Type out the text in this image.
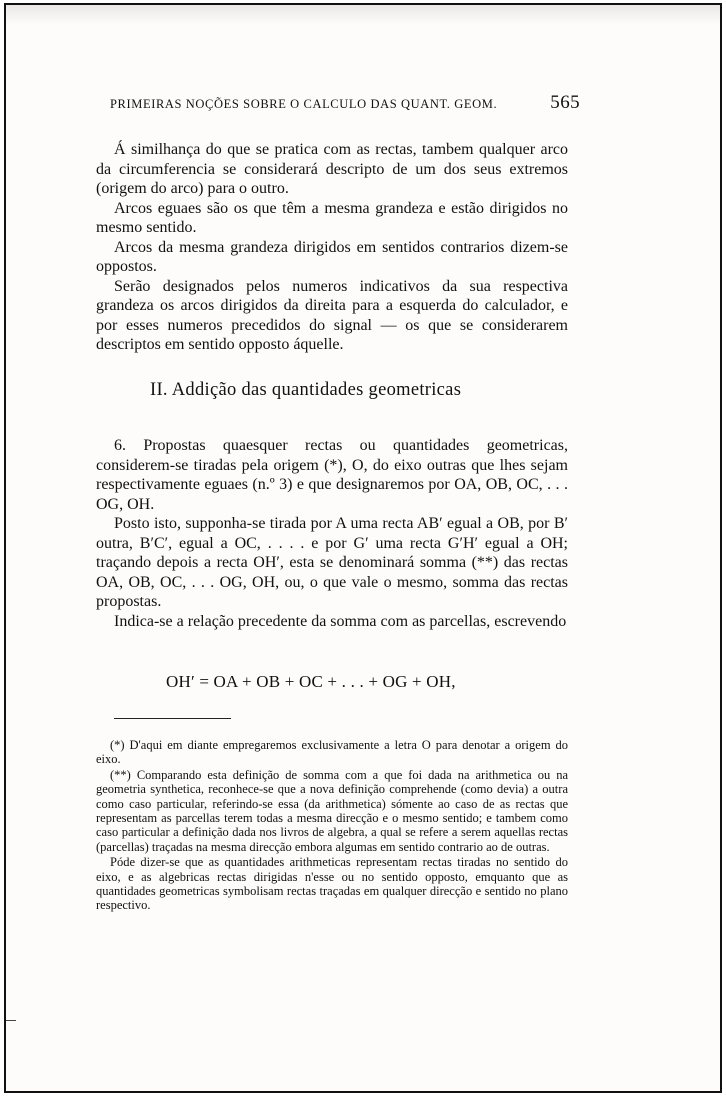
PRIMEIRAS NOÇÕES SOBRE O CALCULO DAS QUANT. GEOM.	565

Á similhança do que se pratica com as rectas, tambem qualquer arco da circumferencia se considerará descripto de um dos seus extremos (origem do arco) para o outro.

Arcos eguaes são os que têm a mesma grandeza e estão dirigidos no mesmo sentido.

Arcos da mesma grandeza dirigidos em sentidos contrarios dizem-se oppostos.

Serão designados pelos numeros indicativos da sua respectiva grandeza os arcos dirigidos da direita para a esquerda do calculador, e por esses numeros precedidos do signal — os que se considerarem descriptos em sentido opposto áquelle.

II. Addição das quantidades geometricas

6. Propostas quaesquer rectas ou quantidades geometricas, considerem-se tiradas pela origem (*), O, do eixo outras que lhes sejam respectivamente eguaes (n.º 3) e que designaremos por OA, OB, OC, . . . OG, OH.

Posto isto, supponha-se tirada por A uma recta AB′ egual a OB, por B′ outra, B′C′, egual a OC, . . . . e por G′ uma recta G′H′ egual a OH; traçando depois a recta OH′, esta se denominará somma (**) das rectas OA, OB, OC, . . . OG, OH, ou, o que vale o mesmo, somma das rectas propostas.

Indica-se a relação precedente da somma com as parcellas, escrevendo

OH′ = OA + OB + OC + . . . + OG + OH,

(*) D'aqui em diante empregaremos exclusivamente a letra O para denotar a origem do eixo.

(**) Comparando esta definição de somma com a que foi dada na arithmetica ou na geometria synthetica, reconhece-se que a nova definição comprehende (como devia) a outra como caso particular, referindo-se essa (da arithmetica) sómente ao caso de as rectas que representam as parcellas terem todas a mesma direcção e o mesmo sentido; e tambem como caso particular a definição dada nos livros de algebra, a qual se refere a serem aquellas rectas (parcellas) traçadas na mesma direcção embora algumas em sentido contrario ao de outras.

Póde dizer-se que as quantidades arithmeticas representam rectas tiradas no sentido do eixo, e as algebricas rectas dirigidas n'esse ou no sentido opposto, emquanto que as quantidades geometricas symbolisam rectas traçadas em qualquer direcção e sentido no plano respectivo.
